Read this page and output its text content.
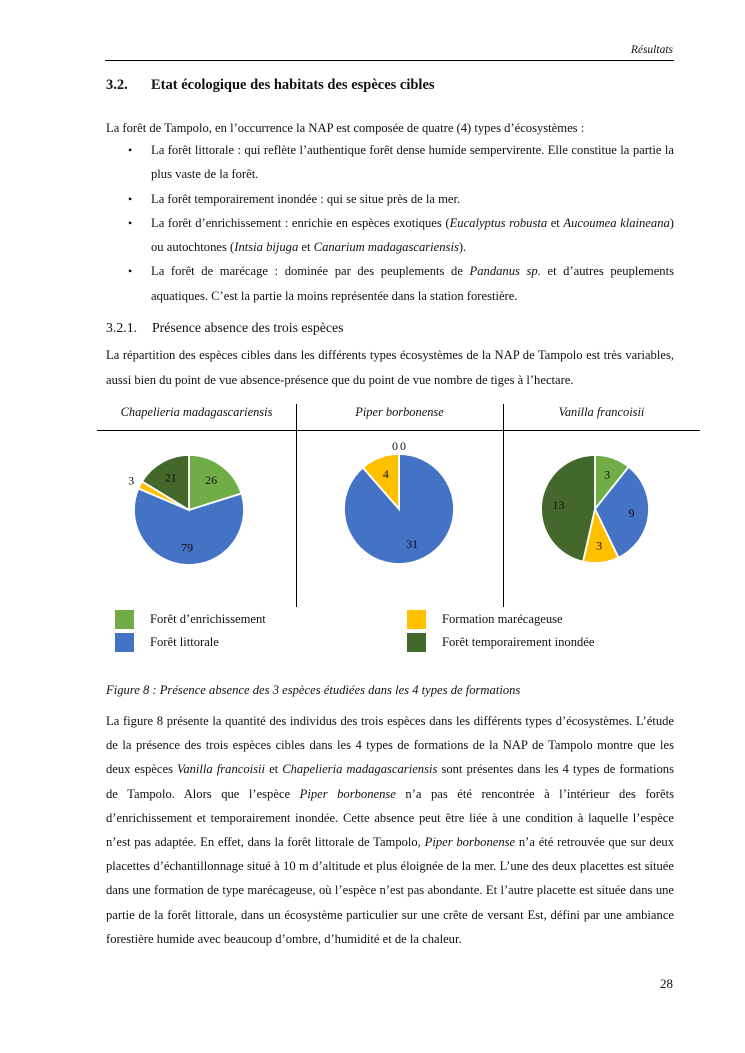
Résultats
3.2. Etat écologique des habitats des espèces cibles
La forêt de Tampolo, en l’occurrence la NAP est composée de quatre (4) types d’écosystèmes :
• La forêt littorale : qui reflète l’authentique forêt dense humide sempervirente. Elle constitue la partie la plus vaste de la forêt.
• La forêt temporairement inondée : qui se situe près de la mer.
• La forêt d’enrichissement : enrichie en espèces exotiques (Eucalyptus robusta et Aucoumea klaineana) ou autochtones (Intsia bijuga et Canarium madagascariensis).
• La forêt de marécage : dominée par des peuplements de Pandanus sp. et d’autres peuplements aquatiques. C’est la partie la moins représentée dans la station forestière.
3.2.1. Présence absence des trois espèces
La répartition des espèces cibles dans les différents types écosystèmes de la NAP de Tampolo est très variables, aussi bien du point de vue absence-présence que du point de vue nombre de tiges à l’hectare.
Chapelieria madagascariensis	Piper borbonense	Vanilla francoisii
26
79
3	21
0
31
4
0
3
9
3
13
Forêt d’enrichissement
Forêt littorale
Formation marécageuse
Forêt temporairement inondée
Figure 8 : Présence absence des 3 espèces étudiées dans les 4 types de formations
La figure 8 présente la quantité des individus des trois espèces dans les différents types d’écosystèmes. L’étude de la présence des trois espèces cibles dans les 4 types de formations de la NAP de Tampolo montre que les deux espèces Vanilla francoisii et Chapelieria madagascariensis sont présentes dans les 4 types de formations de Tampolo. Alors que l’espèce Piper borbonense n’a pas été rencontrée à l’intérieur des forêts d’enrichissement et temporairement inondée. Cette absence peut être liée à une condition à laquelle l’espèce n’est pas adaptée. En effet, dans la forêt littorale de Tampolo, Piper borbonense n’a été retrouvée que sur deux placettes d’échantillonnage situé à 10 m d’altitude et plus éloignée de la mer. L’une des deux placettes est située dans une formation de type marécageuse, où l’espèce n’est pas abondante. Et l’autre placette est située dans une partie de la forêt littorale, dans un écosystème particulier sur une crête de versant Est, défini par une ambiance forestière humide avec beaucoup d’ombre, d’humidité et de la chaleur.
28
